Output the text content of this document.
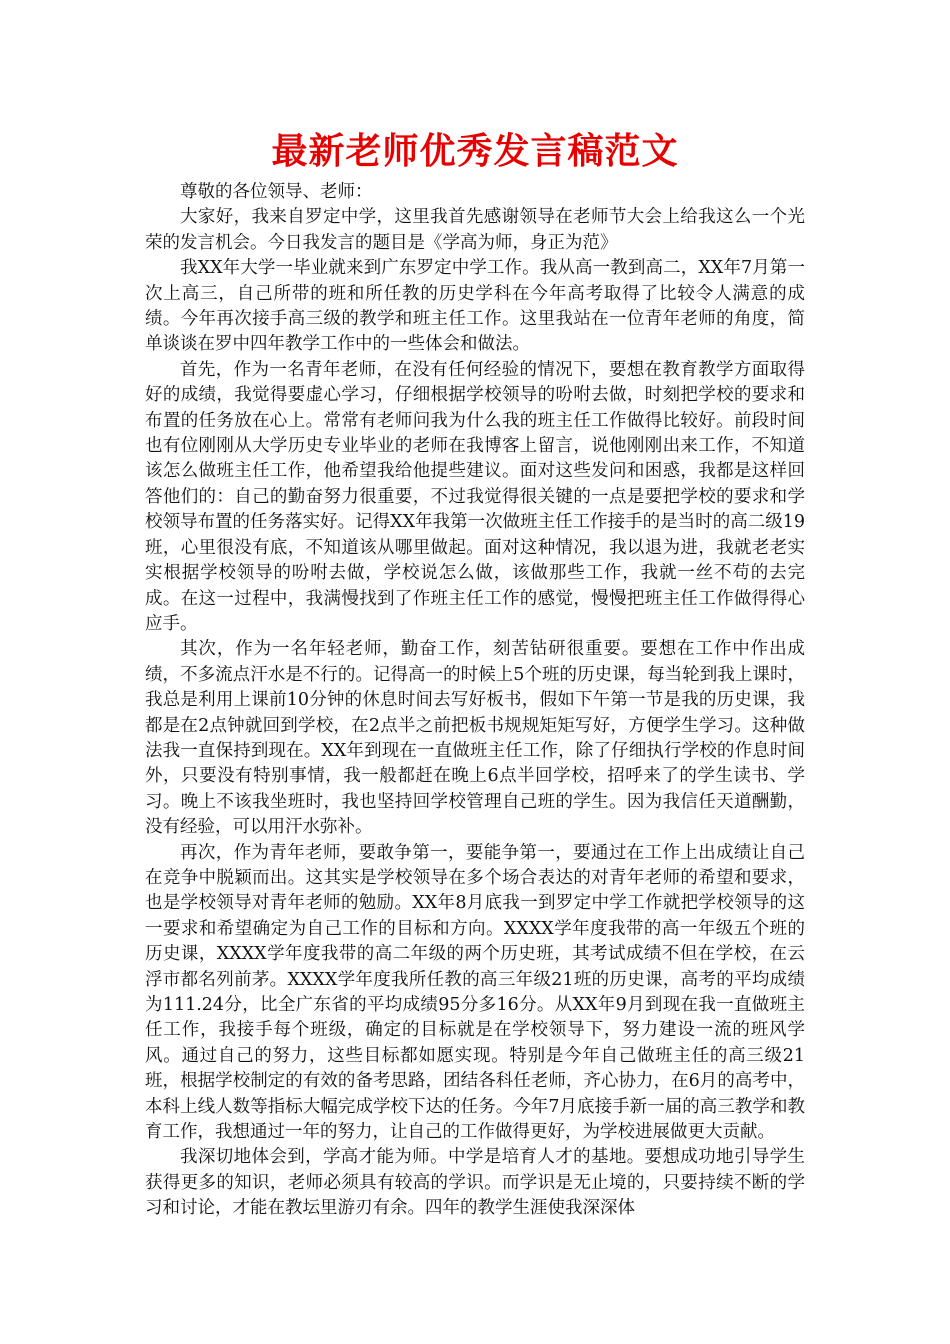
最新老师优秀发言稿范文

尊敬的各位领导、老师：

大家好，我来自罗定中学，这里我首先感谢领导在老师节大会上给我这么一个光荣的发言机会。今日我发言的题目是《学高为师，身正为范》

我XX年大学一毕业就来到广东罗定中学工作。我从高一教到高二，XX年7月第一次上高三，自己所带的班和所任教的历史学科在今年高考取得了比较令人满意的成绩。今年再次接手高三级的教学和班主任工作。这里我站在一位青年老师的角度，简单谈谈在罗中四年教学工作中的一些体会和做法。

首先，作为一名青年老师，在没有任何经验的情况下，要想在教育教学方面取得好的成绩，我觉得要虚心学习，仔细根据学校领导的吩咐去做，时刻把学校的要求和布置的任务放在心上。常常有老师问我为什么我的班主任工作做得比较好。前段时间也有位刚刚从大学历史专业毕业的老师在我博客上留言，说他刚刚出来工作，不知道该怎么做班主任工作，他希望我给他提些建议。面对这些发问和困惑，我都是这样回答他们的：自己的勤奋努力很重要，不过我觉得很关键的一点是要把学校的要求和学校领导布置的任务落实好。记得XX年我第一次做班主任工作接手的是当时的高二级19班，心里很没有底，不知道该从哪里做起。面对这种情况，我以退为进，我就老老实实根据学校领导的吩咐去做，学校说怎么做，该做那些工作，我就一丝不苟的去完成。在这一过程中，我满慢找到了作班主任工作的感觉，慢慢把班主任工作做得得心应手。

其次，作为一名年轻老师，勤奋工作，刻苦钻研很重要。要想在工作中作出成绩，不多流点汗水是不行的。记得高一的时候上5个班的历史课，每当轮到我上课时，我总是利用上课前10分钟的休息时间去写好板书，假如下午第一节是我的历史课，我都是在2点钟就回到学校，在2点半之前把板书规规矩矩写好，方便学生学习。这种做法我一直保持到现在。XX年到现在一直做班主任工作，除了仔细执行学校的作息时间外，只要没有特别事情，我一般都赶在晚上6点半回学校，招呼来了的学生读书、学习。晚上不该我坐班时，我也坚持回学校管理自己班的学生。因为我信任天道酬勤，没有经验，可以用汗水弥补。

再次，作为青年老师，要敢争第一，要能争第一，要通过在工作上出成绩让自己在竞争中脱颖而出。这其实是学校领导在多个场合表达的对青年老师的希望和要求，也是学校领导对青年老师的勉励。XX年8月底我一到罗定中学工作就把学校领导的这一要求和希望确定为自己工作的目标和方向。XXXX学年度我带的高一年级五个班的历史课，XXXX学年度我带的高二年级的两个历史班，其考试成绩不但在学校，在云浮市都名列前茅。XXXX学年度我所任教的高三年级21班的历史课，高考的平均成绩为111.24分，比全广东省的平均成绩95分多16分。从XX年9月到现在我一直做班主任工作，我接手每个班级，确定的目标就是在学校领导下，努力建设一流的班风学风。通过自己的努力，这些目标都如愿实现。特别是今年自己做班主任的高三级21班，根据学校制定的有效的备考思路，团结各科任老师，齐心协力，在6月的高考中，本科上线人数等指标大幅完成学校下达的任务。今年7月底接手新一届的高三教学和教育工作，我想通过一年的努力，让自己的工作做得更好，为学校进展做更大贡献。

我深切地体会到，学高才能为师。中学是培育人才的基地。要想成功地引导学生获得更多的知识，老师必须具有较高的学识。而学识是无止境的，只要持续不断的学习和讨论，才能在教坛里游刃有余。四年的教学生涯使我深深体
